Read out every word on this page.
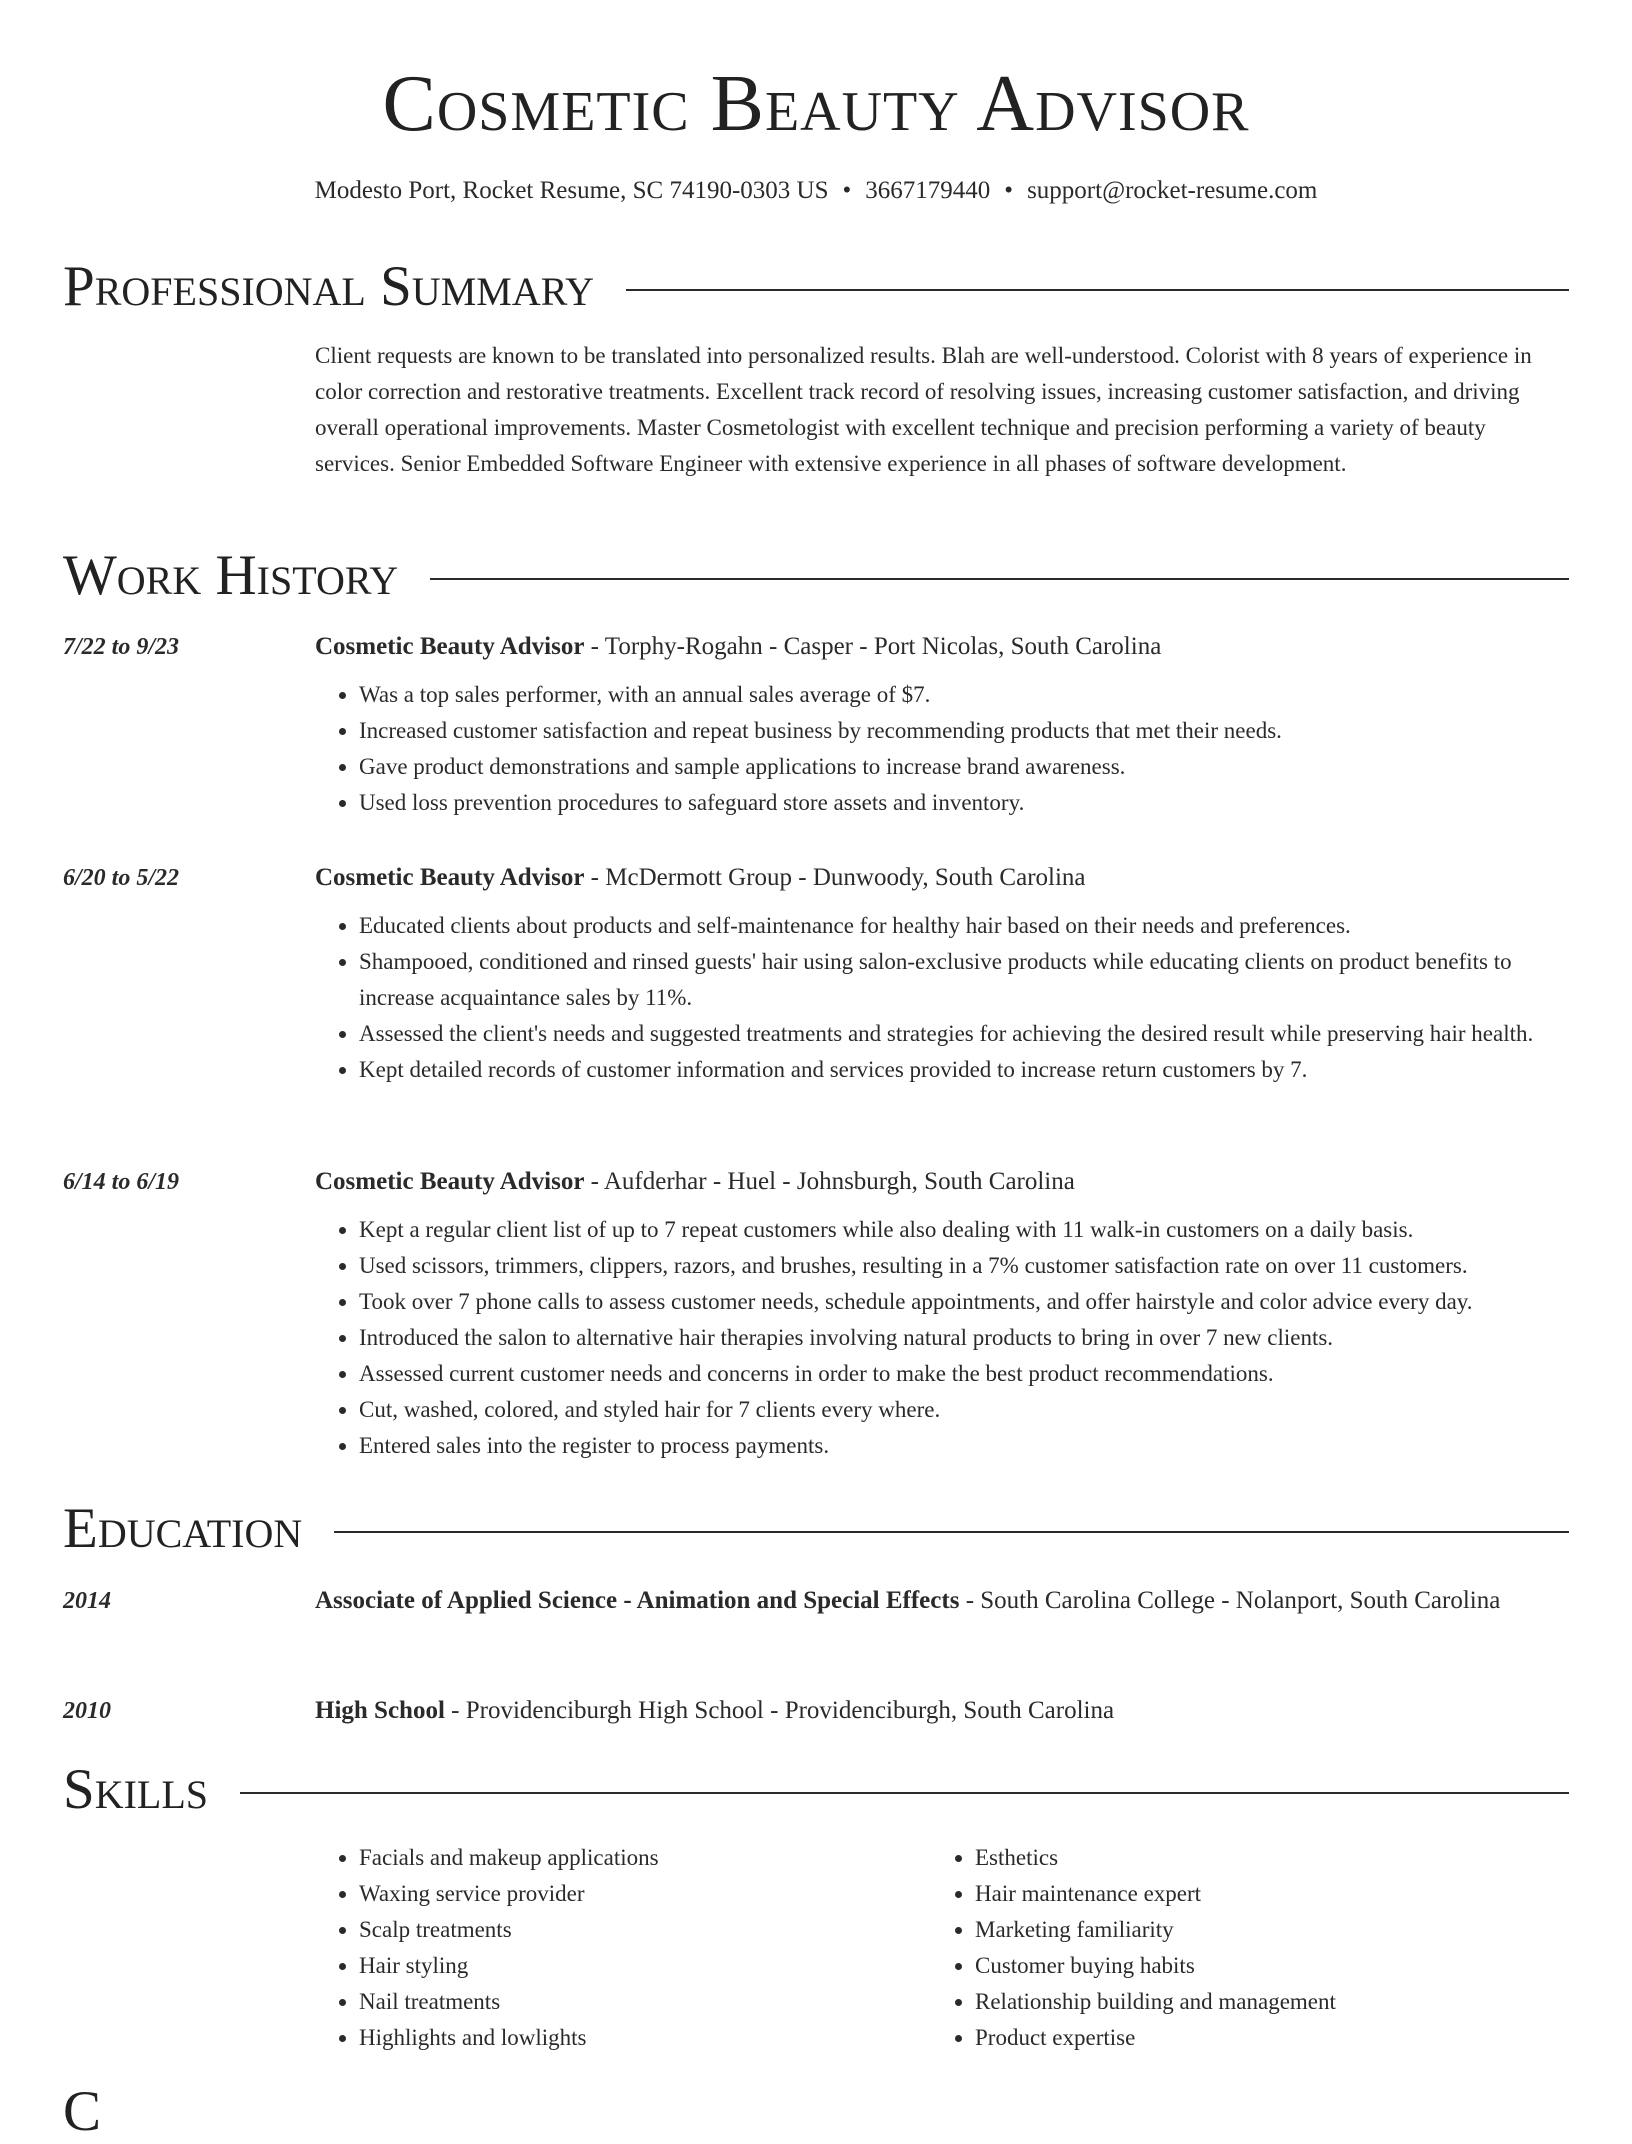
Cosmetic Beauty Advisor
Modesto Port, Rocket Resume, SC 74190-0303 US • 3667179440 • support@rocket-resume.com
Professional Summary
Client requests are known to be translated into personalized results. Blah are well-understood. Colorist with 8 years of experience in color correction and restorative treatments. Excellent track record of resolving issues, increasing customer satisfaction, and driving overall operational improvements. Master Cosmetologist with excellent technique and precision performing a variety of beauty services. Senior Embedded Software Engineer with extensive experience in all phases of software development.
Work History
7/22 to 9/23	Cosmetic Beauty Advisor - Torphy-Rogahn - Casper - Port Nicolas, South Carolina
• Was a top sales performer, with an annual sales average of $7.
• Increased customer satisfaction and repeat business by recommending products that met their needs.
• Gave product demonstrations and sample applications to increase brand awareness.
• Used loss prevention procedures to safeguard store assets and inventory.
6/20 to 5/22	Cosmetic Beauty Advisor - McDermott Group - Dunwoody, South Carolina
• Educated clients about products and self-maintenance for healthy hair based on their needs and preferences.
• Shampooed, conditioned and rinsed guests' hair using salon-exclusive products while educating clients on product benefits to increase acquaintance sales by 11%.
• Assessed the client's needs and suggested treatments and strategies for achieving the desired result while preserving hair health.
• Kept detailed records of customer information and services provided to increase return customers by 7.
6/14 to 6/19	Cosmetic Beauty Advisor - Aufderhar - Huel - Johnsburgh, South Carolina
• Kept a regular client list of up to 7 repeat customers while also dealing with 11 walk-in customers on a daily basis.
• Used scissors, trimmers, clippers, razors, and brushes, resulting in a 7% customer satisfaction rate on over 11 customers.
• Took over 7 phone calls to assess customer needs, schedule appointments, and offer hairstyle and color advice every day.
• Introduced the salon to alternative hair therapies involving natural products to bring in over 7 new clients.
• Assessed current customer needs and concerns in order to make the best product recommendations.
• Cut, washed, colored, and styled hair for 7 clients every where.
• Entered sales into the register to process payments.
Education
2014	Associate of Applied Science - Animation and Special Effects - South Carolina College - Nolanport, South Carolina
2010	High School - Providenciburgh High School - Providenciburgh, South Carolina
Skills
• Facials and makeup applications
• Waxing service provider
• Scalp treatments
• Hair styling
• Nail treatments
• Highlights and lowlights
• Esthetics
• Hair maintenance expert
• Marketing familiarity
• Customer buying habits
• Relationship building and management
• Product expertise
C
